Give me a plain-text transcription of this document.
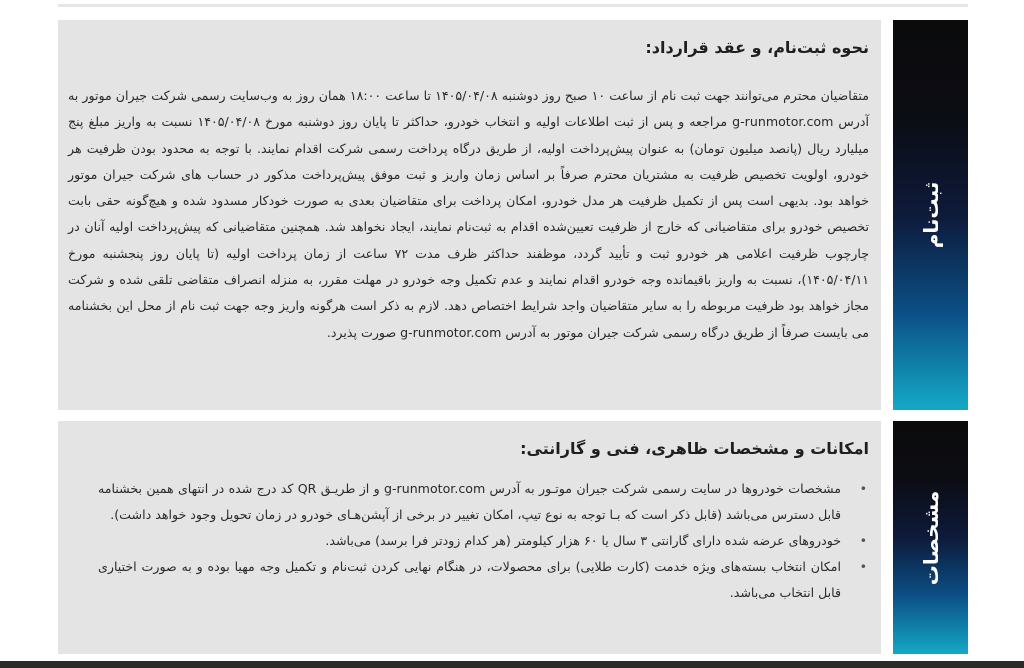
ثبت‌نام
نحوه ثبت‌نام، و عقد قرارداد:

متقاضیان محترم می‌توانند جهت ثبت نام از ساعت ۱۰ صبح روز دوشنبه ۱۴۰۵/۰۴/۰۸ تا ساعت ۱۸:۰۰ همان روز به وب‌سایت رسمی شرکت جیران موتور به آدرس g-runmotor.com مراجعه و پس از ثبت اطلاعات اولیه و انتخاب خودرو، حداکثر تا پایان روز دوشنبه مورخ ۱۴۰۵/۰۴/۰۸ نسبت به واریز مبلغ پنج میلیارد ریال (پانصد میلیون تومان) به عنوان پیش‌پرداخت اولیه، از طریق درگاه پرداخت رسمی شرکت اقدام نمایند. با توجه به محدود بودن ظرفیت هر خودرو، اولویت تخصیص ظرفیت به مشتریان محترم صرفاً بر اساس زمان واریز و ثبت موفق پیش‌پرداخت مذکور در حساب های شرکت جیران موتور خواهد بود. بدیهی است پس از تکمیل ظرفیت هر مدل خودرو، امکان پرداخت برای متقاضیان بعدی به صورت خودکار مسدود شده و هیچ‌گونه حقی بابت تخصیص خودرو برای متقاضیانی که خارج از ظرفیت تعیین‌شده اقدام به ثبت‌نام نمایند، ایجاد نخواهد شد. همچنین متقاضیانی که پیش‌پرداخت اولیه آنان در چارچوب ظرفیت اعلامی هر خودرو ثبت و تأیید گردد، موظفند حداکثر ظرف مدت ۷۲ ساعت از زمان پرداخت اولیه (تا پایان روز پنجشنبه مورخ ۱۴۰۵/۰۴/۱۱)، نسبت به واریز باقیمانده وجه خودرو اقدام نمایند و عدم تکمیل وجه خودرو در مهلت مقرر، به منزله انصراف متقاضی تلقی شده و شرکت مجاز خواهد بود ظرفیت مربوطه را به سایر متقاضیان واجد شرایط اختصاص دهد. لازم به ذکر است هرگونه واریز وجه جهت ثبت نام از محل این بخشنامه می بایست صرفاً از طریق درگاه رسمی شرکت جیران موتور به آدرس g-runmotor.com صورت پذیرد.

مشخصات
امکانات و مشخصات ظاهری، فنی و گارانتی:
• مشخصات خودروها در سایت رسمی شرکت جیران موتـور به آدرس g-runmotor.com و از طریـق QR کد درج شده در انتهای همین بخشنامه قابل دسترس می‌باشد (قابل ذکر است که بـا توجه به نوع تیپ، امکان تغییر در برخی از آپشن‌هـای خودرو در زمان تحویل وجود خواهد داشت).
• خودروهای عرضه شده دارای گارانتی ۳ سال یا ۶۰ هزار کیلومتر (هر کدام زودتر فرا برسد) می‌باشد.
• امکان انتخاب بسته‌های ویژه خدمت (کارت طلایی) برای محصولات، در هنگام نهایی کردن ثبت‌نام و تکمیل وجه مهیا بوده و به صورت اختیاری قابل انتخاب می‌باشد.
